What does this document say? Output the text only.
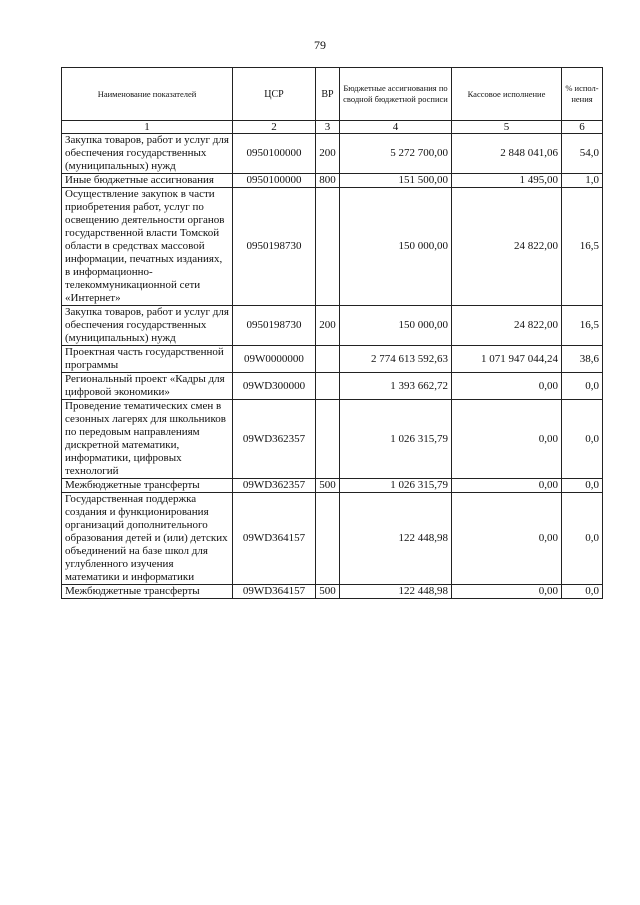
79
Наименование показателей	ЦСР	ВР	Бюджетные ассигнования по сводной бюджетной росписи	Кассовое исполнение	% испол-нения
1	2	3	4	5	6
Закупка товаров, работ и услуг для обеспечения государственных (муниципальных) нужд	0950100000	200	5 272 700,00	2 848 041,06	54,0
Иные бюджетные ассигнования	0950100000	800	151 500,00	1 495,00	1,0
Осуществление закупок в части приобретения работ, услуг по освещению деятельности органов государственной власти Томской области в средствах массовой информации, печатных изданиях, в информационно-телекоммуникационной сети «Интернет»	0950198730		150 000,00	24 822,00	16,5
Закупка товаров, работ и услуг для обеспечения государственных (муниципальных) нужд	0950198730	200	150 000,00	24 822,00	16,5
Проектная часть государственной программы	09W0000000		2 774 613 592,63	1 071 947 044,24	38,6
Региональный проект «Кадры для цифровой экономики»	09WD300000		1 393 662,72	0,00	0,0
Проведение тематических смен в сезонных лагерях для школьников по передовым направлениям дискретной математики, информатики, цифровых технологий	09WD362357		1 026 315,79	0,00	0,0
Межбюджетные трансферты	09WD362357	500	1 026 315,79	0,00	0,0
Государственная поддержка создания и функционирования организаций дополнительного образования детей и (или) детских объединений на базе школ для углубленного изучения математики и информатики	09WD364157		122 448,98	0,00	0,0
Межбюджетные трансферты	09WD364157	500	122 448,98	0,00	0,0
